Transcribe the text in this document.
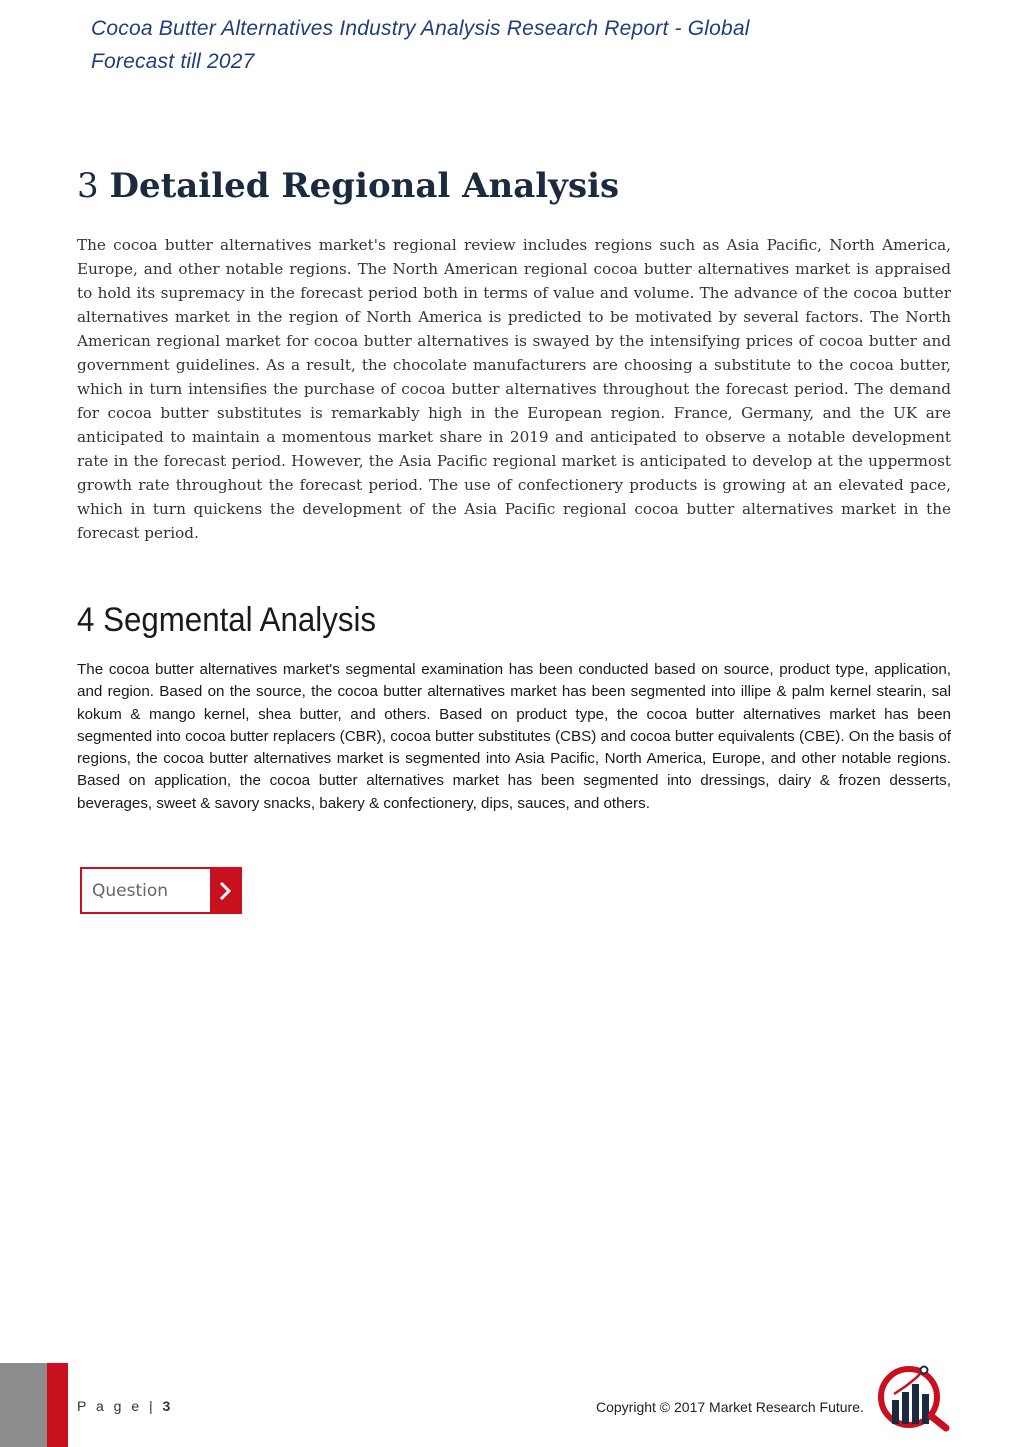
Cocoa Butter Alternatives Industry Analysis Research Report - Global Forecast till 2027
3 Detailed Regional Analysis

The cocoa butter alternatives market's regional review includes regions such as Asia Pacific, North America, Europe, and other notable regions. The North American regional cocoa butter alternatives market is appraised to hold its supremacy in the forecast period both in terms of value and volume. The advance of the cocoa butter alternatives market in the region of North America is predicted to be motivated by several factors. The North American regional market for cocoa butter alternatives is swayed by the intensifying prices of cocoa butter and government guidelines. As a result, the chocolate manufacturers are choosing a substitute to the cocoa butter, which in turn intensifies the purchase of cocoa butter alternatives throughout the forecast period. The demand for cocoa butter substitutes is remarkably high in the European region. France, Germany, and the UK are anticipated to maintain a momentous market share in 2019 and anticipated to observe a notable development rate in the forecast period. However, the Asia Pacific regional market is anticipated to develop at the uppermost growth rate throughout the forecast period. The use of confectionery products is growing at an elevated pace, which in turn quickens the development of the Asia Pacific regional cocoa butter alternatives market in the forecast period.

4 Segmental Analysis

The cocoa butter alternatives market's segmental examination has been conducted based on source, product type, application, and region. Based on the source, the cocoa butter alternatives market has been segmented into illipe & palm kernel stearin, sal kokum & mango kernel, shea butter, and others. Based on product type, the cocoa butter alternatives market has been segmented into cocoa butter replacers (CBR), cocoa butter substitutes (CBS) and cocoa butter equivalents (CBE). On the basis of regions, the cocoa butter alternatives market is segmented into Asia Pacific, North America, Europe, and other notable regions. Based on application, the cocoa butter alternatives market has been segmented into dressings, dairy & frozen desserts, beverages, sweet & savory snacks, bakery & confectionery, dips, sauces, and others.

Question
P a g e | 3	Copyright © 2017 Market Research Future.
